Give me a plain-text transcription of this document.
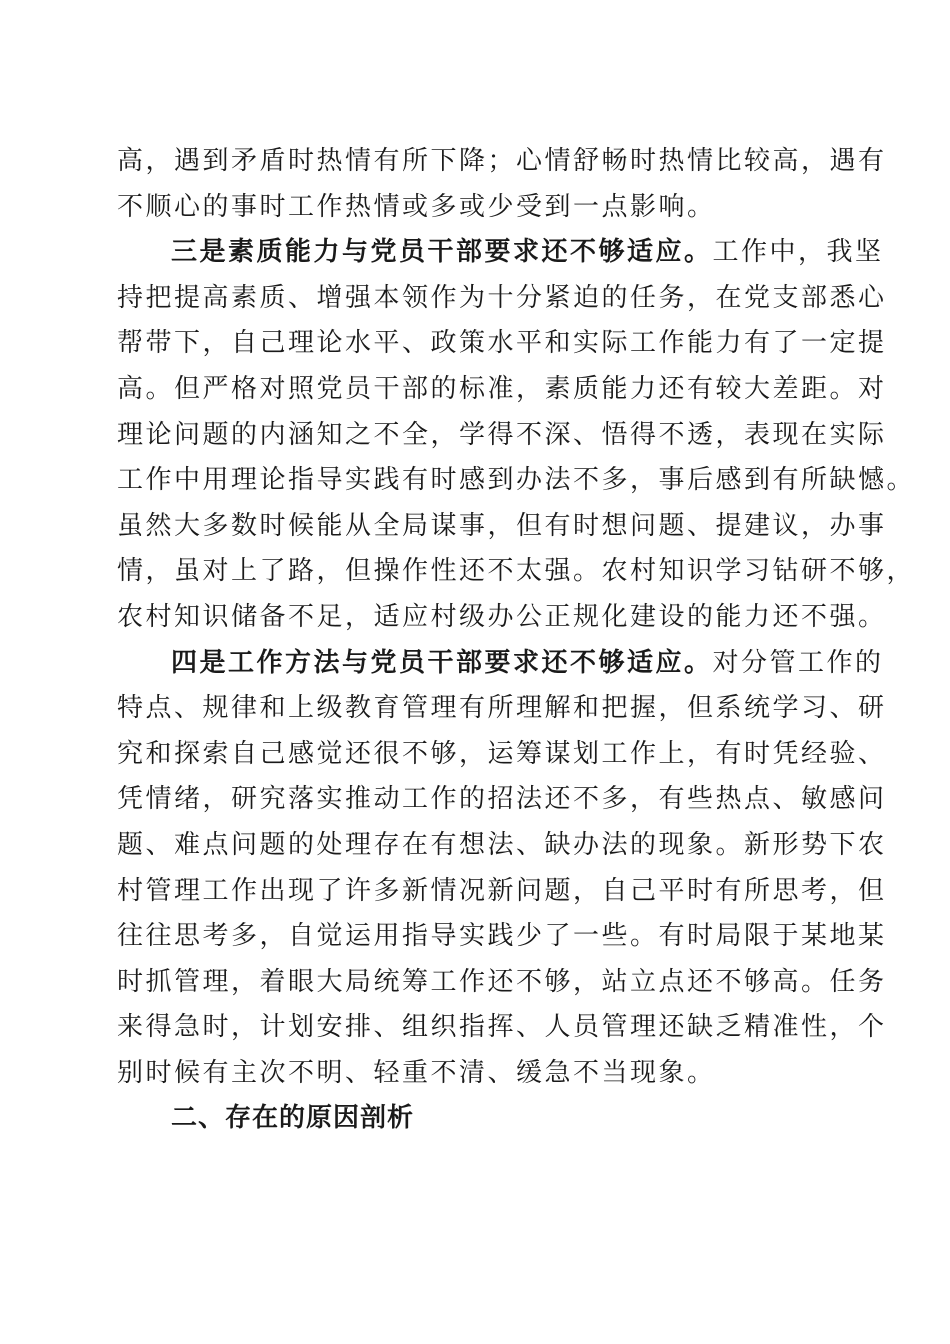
高，遇到矛盾时热情有所下降；心情舒畅时热情比较高，遇有
不顺心的事时工作热情或多或少受到一点影响。
三是素质能力与党员干部要求还不够适应。工作中，我坚
持把提高素质、增强本领作为十分紧迫的任务，在党支部悉心
帮带下，自己理论水平、政策水平和实际工作能力有了一定提
高。但严格对照党员干部的标准，素质能力还有较大差距。对
理论问题的内涵知之不全，学得不深、悟得不透，表现在实际
工作中用理论指导实践有时感到办法不多，事后感到有所缺憾。
虽然大多数时候能从全局谋事，但有时想问题、提建议，办事
情，虽对上了路，但操作性还不太强。农村知识学习钻研不够，
农村知识储备不足，适应村级办公正规化建设的能力还不强。
四是工作方法与党员干部要求还不够适应。对分管工作的
特点、规律和上级教育管理有所理解和把握，但系统学习、研
究和探索自己感觉还很不够，运筹谋划工作上，有时凭经验、
凭情绪，研究落实推动工作的招法还不多，有些热点、敏感问
题、难点问题的处理存在有想法、缺办法的现象。新形势下农
村管理工作出现了许多新情况新问题，自己平时有所思考，但
往往思考多，自觉运用指导实践少了一些。有时局限于某地某
时抓管理，着眼大局统筹工作还不够，站立点还不够高。任务
来得急时，计划安排、组织指挥、人员管理还缺乏精准性，个
别时候有主次不明、轻重不清、缓急不当现象。
二、存在的原因剖析
